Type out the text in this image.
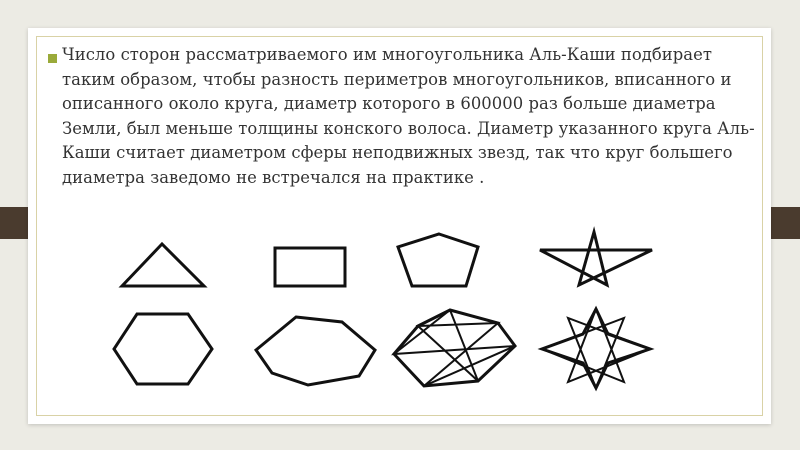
Число сторон рассматриваемого им многоугольника Аль-Каши подбирает таким образом, чтобы разность периметров многоугольников, вписанного и описанного около круга, диаметр которого в 600000 раз больше диаметра Земли, был меньше толщины конского волоса. Диаметр указанного круга Аль-Каши считает диаметром сферы неподвижных звезд, так что круг большего диаметра заведомо не встречался на практике .
